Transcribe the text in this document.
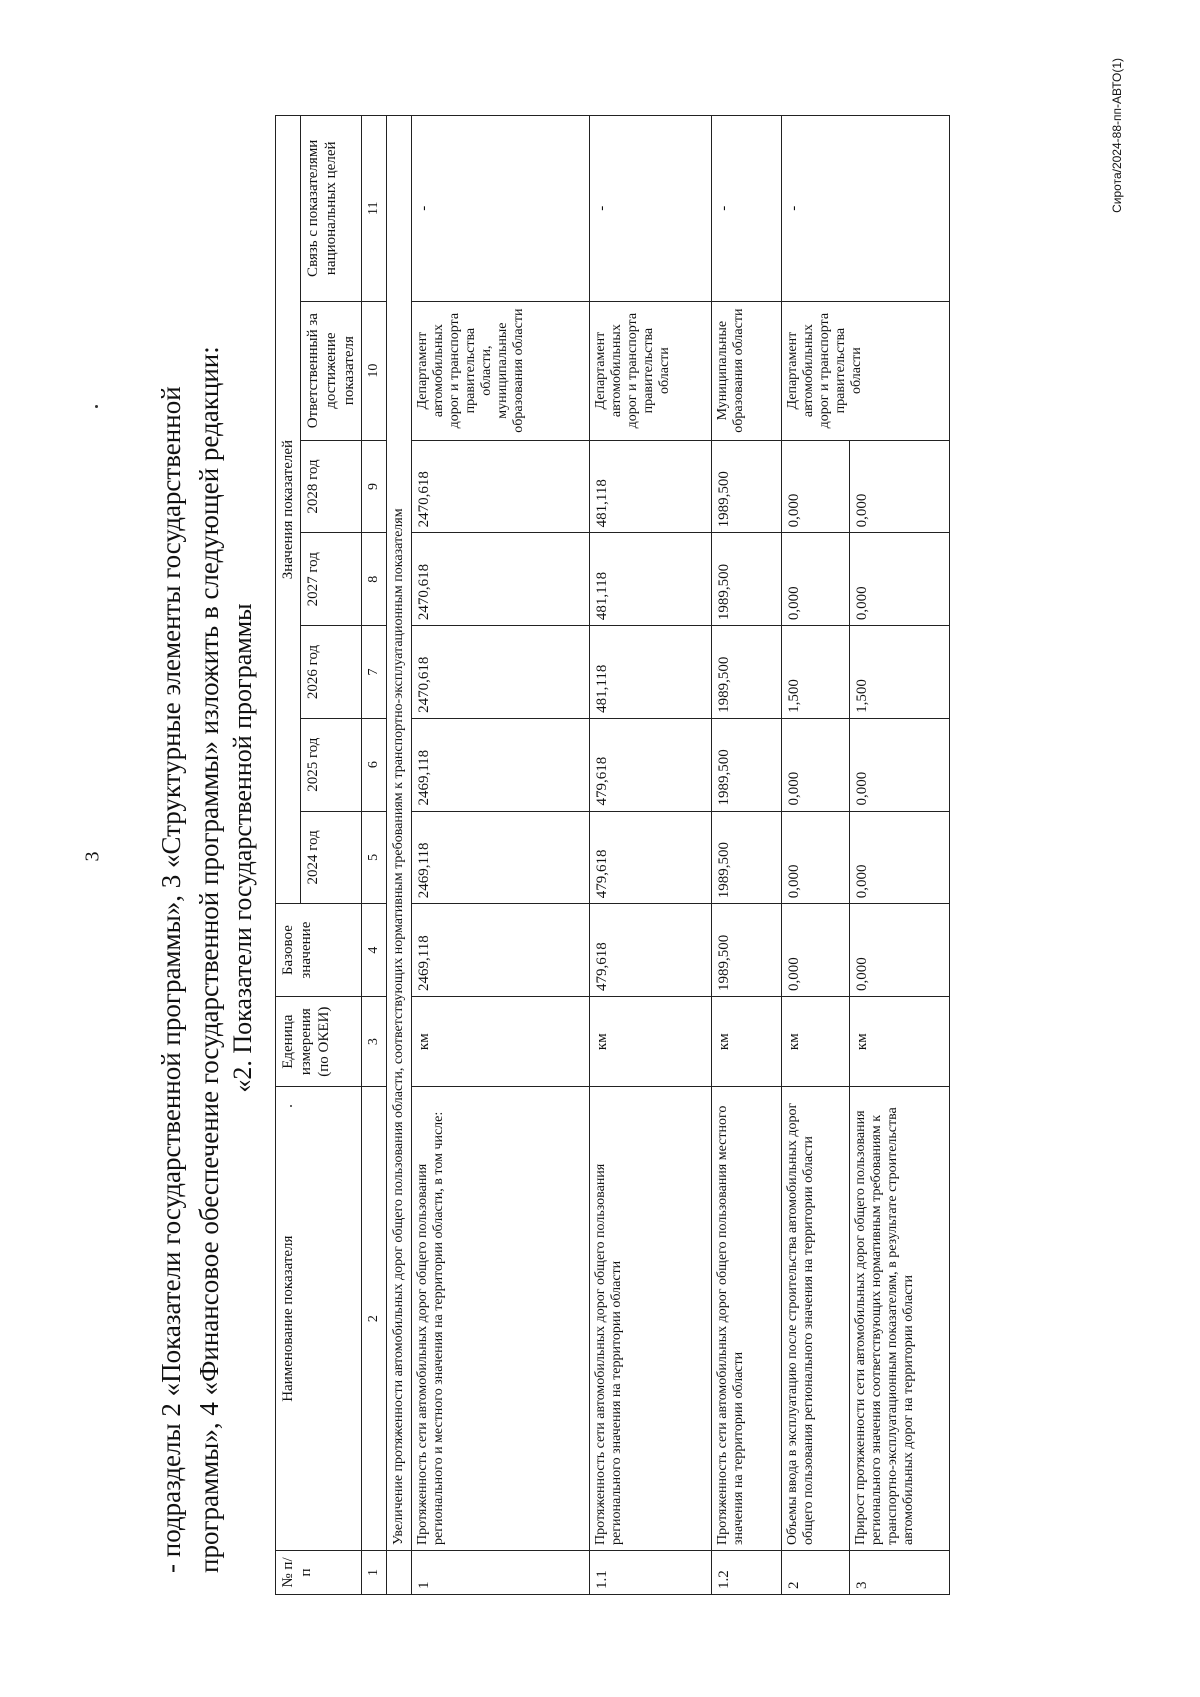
3 - подразделы 2 «Показатели государственной программы», 3 «Структурные элементы государственной программы», 4 «Финансовое обеспечение государственной программы» изложить в следующей редакции: «2. Показатели государственной программы
№ п/п	Наименование показателя	Еденица измерения (по ОКЕИ)	Базовое значение	Значения показателей						
				2024 год	2025 год	2026 год	2027 год	2028 год	Ответственный за достижение показателя	Связь с показателями национальных целей
1	2	3	4	5	6	7	8	9	10	11
	Увеличение протяженности автомобильных дорог общего пользования области, соответствующих нормативным требованиям к транспортно-эксплуатационным показателям									
1	Протяженность сети автомобильных дорог общего пользования регионального и местного значения на территории области, в том числе:	км	2469,118	2469,118	2469,118	2470,618	2470,618	2470,618	Департамент автомобильных дорог и транспорта правительства области, муниципальные образования области	-
1.1	Протяженность сети автомобильных дорог общего пользования регионального значения на территории области	км	479,618	479,618	479,618	481,118	481,118	481,118	Департамент автомобильных дорог и транспорта правительства области	-
1.2	Протяженность сети автомобильных дорог общего пользования местного значения на территории области	км	1989,500	1989,500	1989,500	1989,500	1989,500	1989,500	Муниципальные образования области	-
2	Объемы ввода в эксплуатацию после строительства автомобильных дорог общего пользования регионального значения на территории области	км	0,000	0,000	0,000	1,500	0,000	0,000	Департамент автомобильных дорог и транспорта правительства области	-
3	Прирост протяженности сети автомобильных дорог общего пользования регионального значения соответствующих нормативным требованиям к транспортно-эксплуатационным показателям, в результате строительства автомобильных дорог на территории области	км	0,000	0,000	0,000	1,500	0,000	0,000		
Сирота/2024-88-пп-АВТО(1)
